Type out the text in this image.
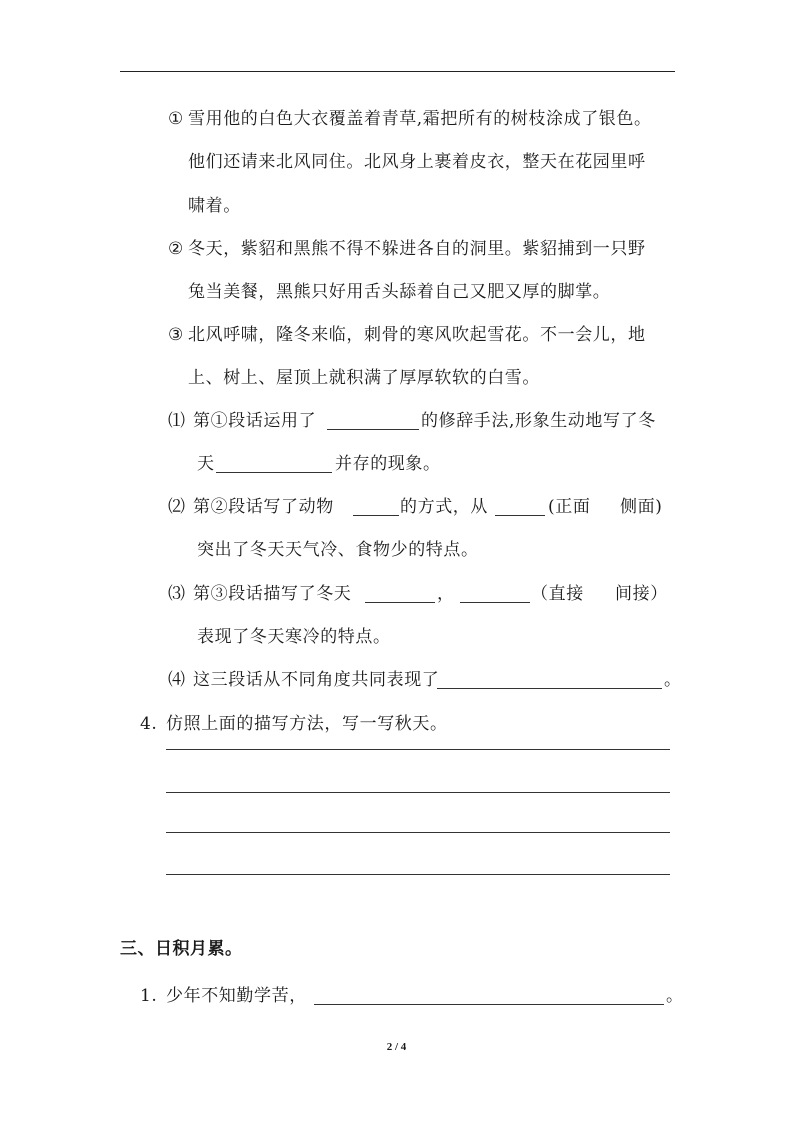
① 雪用他的白色大衣覆盖着青草,霜把所有的树枝涂成了银色。
他们还请来北风同住。北风身上裹着皮衣，整天在花园里呼
啸着。
② 冬天，紫貂和黑熊不得不躲进各自的洞里。紫貂捕到一只野
兔当美餐，黑熊只好用舌头舔着自己又肥又厚的脚掌。
③ 北风呼啸，隆冬来临，刺骨的寒风吹起雪花。不一会儿，地
上、树上、屋顶上就积满了厚厚软软的白雪。
⑴ 第①段话运用了	的修辞手法,形象生动地写了冬
天	并存的现象。
⑵ 第②段话写了动物	的方式，从	(正面 侧面)
突出了冬天天气冷、食物少的特点。
⑶ 第③段话描写了冬天	，	（直接 间接）
表现了冬天寒冷的特点。
⑷ 这三段话从不同角度共同表现了	。
4. 仿照上面的描写方法，写一写秋天。
三、日积月累。
1. 少年不知勤学苦，	。
2 / 4
